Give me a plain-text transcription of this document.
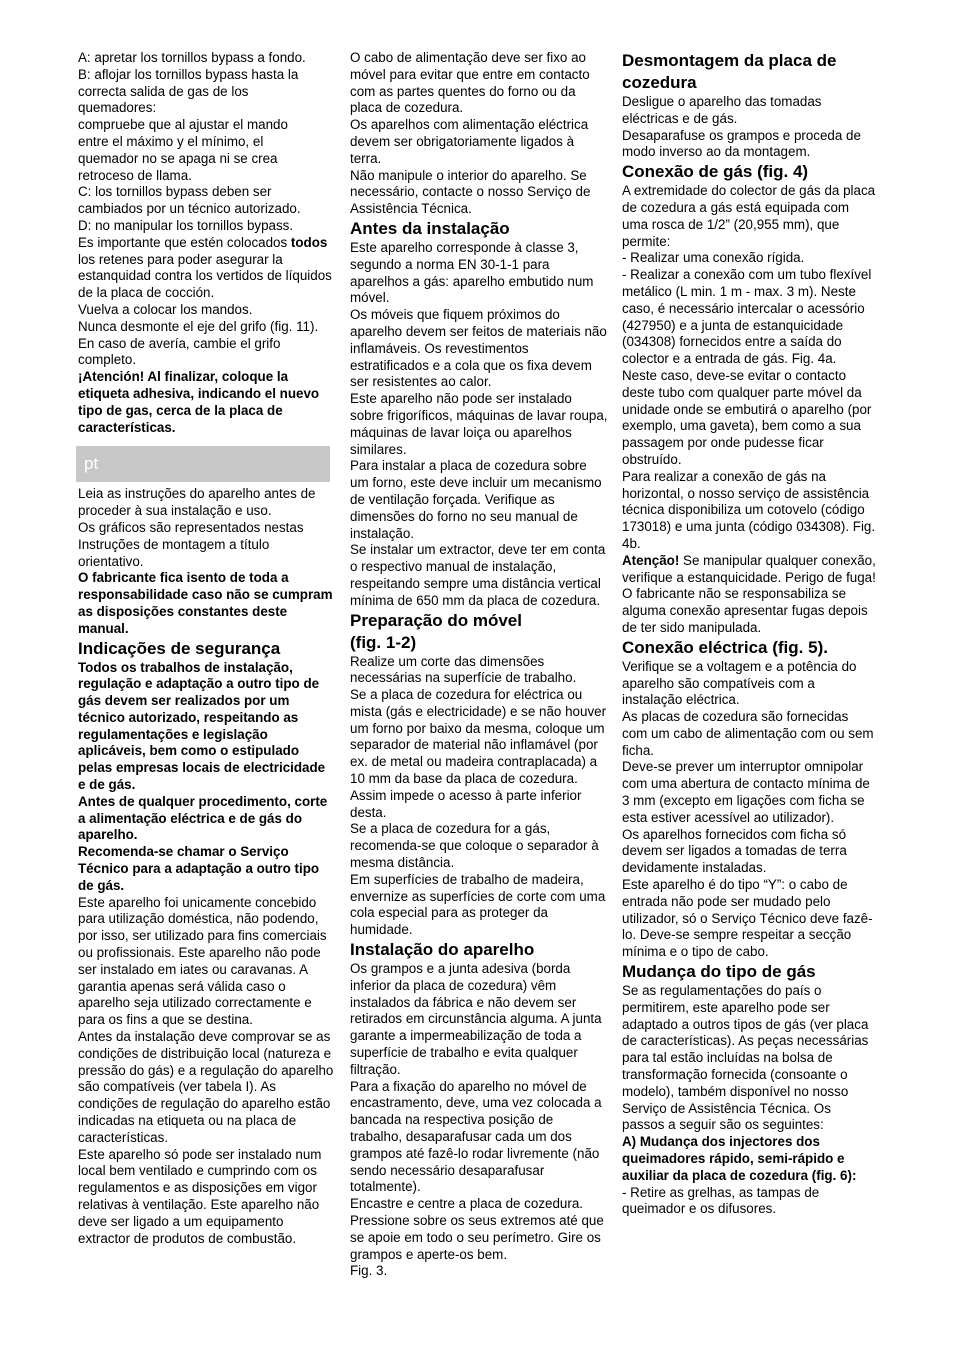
A: apretar los tornillos bypass a fondo.

B: aflojar los tornillos bypass hasta la

correcta salida de gas de los

quemadores:

compruebe que al ajustar el mando

entre el máximo y el mínimo, el

quemador no se apaga ni se crea

retroceso de llama.

C: los tornillos bypass deben ser

cambiados por un técnico autorizado.

D: no manipular los tornillos bypass.

Es importante que estén colocados todos los retenes para poder asegurar la estanquidad contra los vertidos de líquidos de la placa de cocción.

Vuelva a colocar los mandos.

Nunca desmonte el eje del grifo (fig. 11).

En caso de avería, cambie el grifo completo.

¡Atención! Al finalizar, coloque la etiqueta adhesiva, indicando el nuevo tipo de gas, cerca de la placa de características.

pt

Leia as instruções do aparelho antes de proceder à sua instalação e uso.

Os gráficos são representados nestas Instruções de montagem a título orientativo.

O fabricante fica isento de toda a responsabilidade caso não se cumpram as disposições constantes deste manual.

Indicações de segurança

Todos os trabalhos de instalação, regulação e adaptação a outro tipo de gás devem ser realizados por um técnico autorizado, respeitando as regulamentações e legislação aplicáveis, bem como o estipulado pelas empresas locais de electricidade e de gás.

Antes de qualquer procedimento, corte a alimentação eléctrica e de gás do aparelho.

Recomenda-se chamar o Serviço Técnico para a adaptação a outro tipo de gás.

Este aparelho foi unicamente concebido para utilização doméstica, não podendo, por isso, ser utilizado para fins comerciais ou profissionais. Este aparelho não pode ser instalado em iates ou caravanas. A garantia apenas será válida caso o aparelho seja utilizado correctamente e para os fins a que se destina.

Antes da instalação deve comprovar se as condições de distribuição local (natureza e pressão do gás) e a regulação do aparelho são compatíveis (ver tabela I). As condições de regulação do aparelho estão indicadas na etiqueta ou na placa de características.

Este aparelho só pode ser instalado num local bem ventilado e cumprindo com os regulamentos e as disposições em vigor relativas à ventilação. Este aparelho não deve ser ligado a um equipamento extractor de produtos de combustão.

O cabo de alimentação deve ser fixo ao móvel para evitar que entre em contacto com as partes quentes do forno ou da placa de cozedura.

Os aparelhos com alimentação eléctrica devem ser obrigatoriamente ligados à terra.

Não manipule o interior do aparelho. Se necessário, contacte o nosso Serviço de Assistência Técnica.

Antes da instalação

Este aparelho corresponde à classe 3, segundo a norma EN 30-1-1 para aparelhos a gás: aparelho embutido num móvel.

Os móveis que fiquem próximos do aparelho devem ser feitos de materiais não inflamáveis. Os revestimentos estratificados e a cola que os fixa devem ser resistentes ao calor.

Este aparelho não pode ser instalado sobre frigoríficos, máquinas de lavar roupa, máquinas de lavar loiça ou aparelhos similares.

Para instalar a placa de cozedura sobre um forno, este deve incluir um mecanismo de ventilação forçada. Verifique as dimensões do forno no seu manual de instalação.

Se instalar um extractor, deve ter em conta o respectivo manual de instalação, respeitando sempre uma distância vertical mínima de 650 mm da placa de cozedura.

Preparação do móvel
(fig. 1-2)

Realize um corte das dimensões necessárias na superfície de trabalho.

Se a placa de cozedura for eléctrica ou mista (gás e electricidade) e se não houver um forno por baixo da mesma, coloque um separador de material não inflamável (por ex. de metal ou madeira contraplacada) a 10 mm da base da placa de cozedura. Assim impede o acesso à parte inferior desta.

Se a placa de cozedura for a gás, recomenda-se que coloque o separador à mesma distância.

Em superfícies de trabalho de madeira, envernize as superfícies de corte com uma cola especial para as proteger da humidade.

Instalação do aparelho

Os grampos e a junta adesiva (borda inferior da placa de cozedura) vêm instalados da fábrica e não devem ser retirados em circunstância alguma. A junta garante a impermeabilização de toda a superfície de trabalho e evita qualquer filtração.

Para a fixação do aparelho no móvel de encastramento, deve, uma vez colocada a bancada na respectiva posição de trabalho, desaparafusar cada um dos grampos até fazê-lo rodar livremente (não sendo necessário desaparafusar totalmente).

Encastre e centre a placa de cozedura. Pressione sobre os seus extremos até que se apoie em todo o seu perímetro. Gire os grampos e aperte-os bem.

Fig. 3.

Desmontagem da placa de cozedura

Desligue o aparelho das tomadas eléctricas e de gás.

Desaparafuse os grampos e proceda de modo inverso ao da montagem.

Conexão de gás (fig. 4)

A extremidade do colector de gás da placa de cozedura a gás está equipada com uma rosca de 1/2” (20,955 mm), que permite:

- Realizar uma conexão rígida.

- Realizar a conexão com um tubo flexível metálico (L min. 1 m - max. 3 m). Neste caso, é necessário intercalar o acessório (427950) e a junta de estanquicidade (034308) fornecidos entre a saída do colector e a entrada de gás. Fig. 4a.

Neste caso, deve-se evitar o contacto deste tubo com qualquer parte móvel da unidade onde se embutirá o aparelho (por exemplo, uma gaveta), bem como a sua passagem por onde pudesse ficar obstruído.

Para realizar a conexão de gás na horizontal, o nosso serviço de assistência técnica disponibiliza um cotovelo (código 173018) e uma junta (código 034308). Fig. 4b.

Atenção! Se manipular qualquer conexão, verifique a estanquicidade. Perigo de fuga!

O fabricante não se responsabiliza se alguma conexão apresentar fugas depois de ter sido manipulada.

Conexão eléctrica (fig. 5).

Verifique se a voltagem e a potência do aparelho são compatíveis com a instalação eléctrica.

As placas de cozedura são fornecidas com um cabo de alimentação com ou sem ficha.

Deve-se prever um interruptor omnipolar com uma abertura de contacto mínima de 3 mm (excepto em ligações com ficha se esta estiver acessível ao utilizador).

Os aparelhos fornecidos com ficha só devem ser ligados a tomadas de terra devidamente instaladas.

Este aparelho é do tipo “Y”: o cabo de entrada não pode ser mudado pelo utilizador, só o Serviço Técnico deve fazê-lo. Deve-se sempre respeitar a secção mínima e o tipo de cabo.

Mudança do tipo de gás

Se as regulamentações do país o permitirem, este aparelho pode ser adaptado a outros tipos de gás (ver placa de características). As peças necessárias para tal estão incluídas na bolsa de transformação fornecida (consoante o modelo), também disponível no nosso Serviço de Assistência Técnica. Os passos a seguir são os seguintes:

A) Mudança dos injectores dos queimadores rápido, semi-rápido e auxiliar da placa de cozedura (fig. 6):

- Retire as grelhas, as tampas de queimador e os difusores.
